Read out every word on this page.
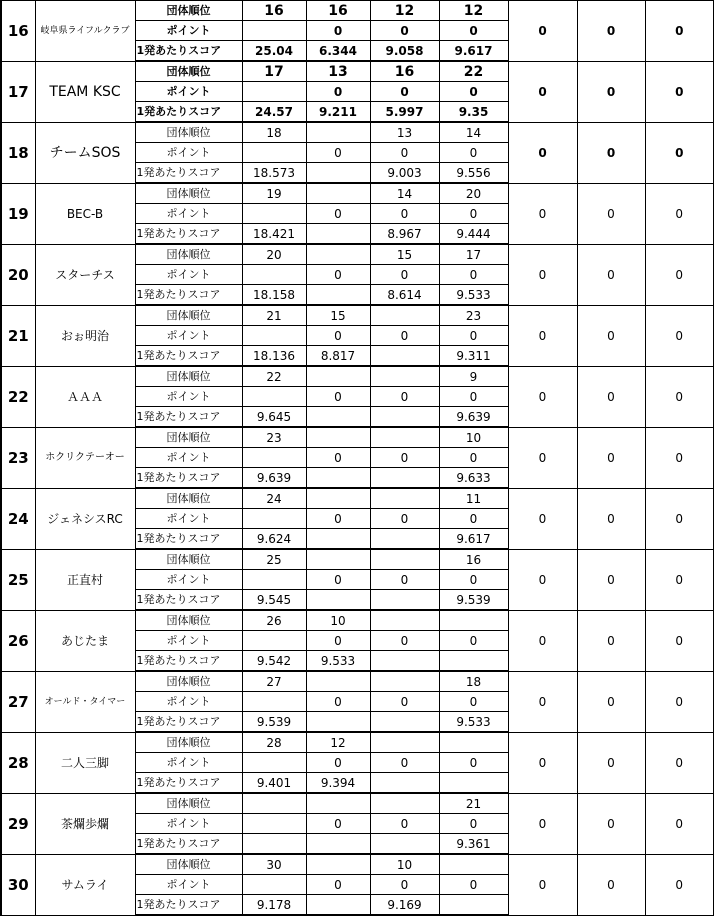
16	岐阜県ライフルクラブ	団体順位	16	16	12	12	0	0	0
		ポイント		0	0	0			
		1発あたりスコア	25.04	6.344	9.058	9.617			
17	TEAM KSC	団体順位	17	13	16	22	0	0	0
		ポイント		0	0	0			
		1発あたりスコア	24.57	9.211	5.997	9.35			
18	チームSOS	団体順位	18		13	14	0	0	0
		ポイント		0	0	0			
		1発あたりスコア	18.573		9.003	9.556			
19	BEC-B	団体順位	19		14	20	0	0	0
		ポイント		0	0	0			
		1発あたりスコア	18.421		8.967	9.444			
20	スターチス	団体順位	20		15	17	0	0	0
		ポイント		0	0	0			
		1発あたりスコア	18.158		8.614	9.533			
21	おぉ明治	団体順位	21	15		23	0	0	0
		ポイント		0	0	0			
		1発あたりスコア	18.136	8.817		9.311			
22	ＡＡＡ	団体順位	22			9	0	0	0
		ポイント		0	0	0			
		1発あたりスコア	9.645			9.639			
23	ホクリクテーオー	団体順位	23			10	0	0	0
		ポイント		0	0	0			
		1発あたりスコア	9.639			9.633			
24	ジェネシスRC	団体順位	24			11	0	0	0
		ポイント		0	0	0			
		1発あたりスコア	9.624			9.617			
25	正直村	団体順位	25			16	0	0	0
		ポイント		0	0	0			
		1発あたりスコア	9.545			9.539			
26	あじたま	団体順位	26	10			0	0	0
		ポイント		0	0	0			
		1発あたりスコア	9.542	9.533					
27	オールド・タイマー	団体順位	27			18	0	0	0
		ポイント		0	0	0			
		1発あたりスコア	9.539			9.533			
28	二人三脚	団体順位	28	12			0	0	0
		ポイント		0	0	0			
		1発あたりスコア	9.401	9.394					
29	茶爛歩爛	団体順位				21	0	0	0
		ポイント		0	0	0			
		1発あたりスコア				9.361			
30	サムライ	団体順位	30		10		0	0	0
		ポイント		0	0	0			
		1発あたりスコア	9.178		9.169				
